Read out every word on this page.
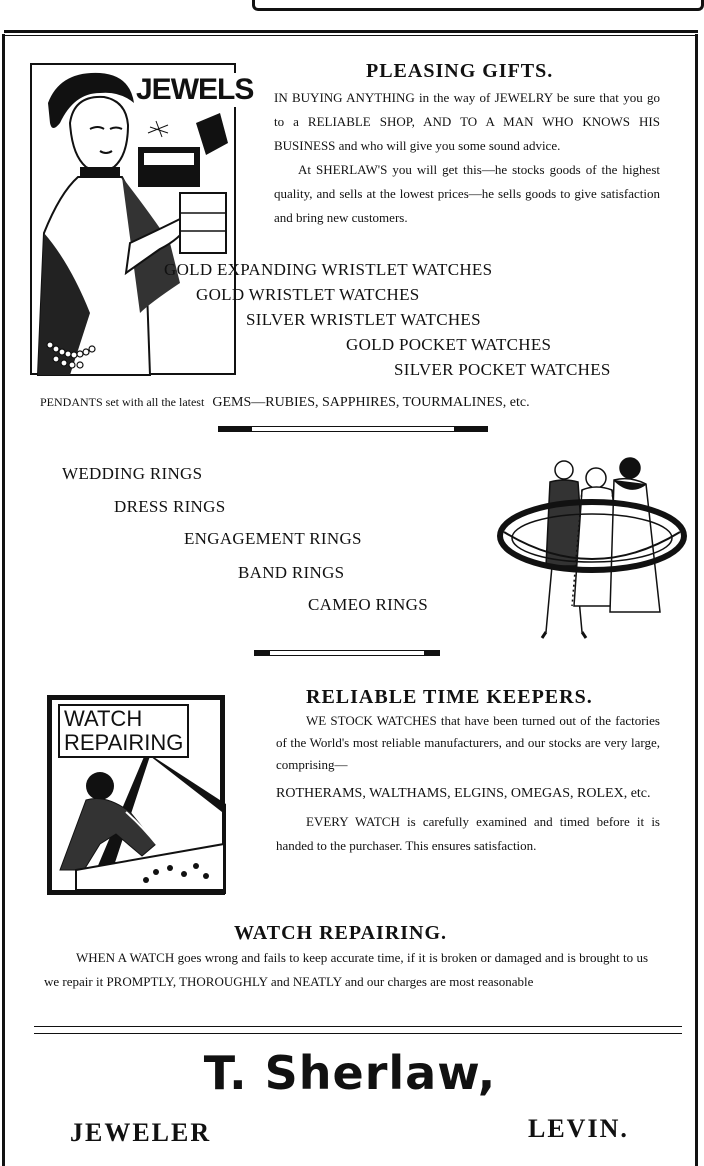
JEWELS
PLEASING GIFTS.

IN BUYING ANYTHING in the way of JEWELRY be sure that you go to a RELIABLE SHOP, AND TO A MAN WHO KNOWS HIS BUSINESS and who will give you some sound advice.

At SHERLAW'S you will get this—he stocks goods of the highest quality, and sells at the lowest prices—he sells goods to give satisfaction and bring new customers.

GOLD EXPANDING WRISTLET WATCHES
GOLD WRISTLET WATCHES
SILVER WRISTLET WATCHES
GOLD POCKET WATCHES
SILVER POCKET WATCHES
PENDANTS set with all the latest GEMS—RUBIES, SAPPHIRES, TOURMALINES, etc.
WEDDING RINGS
DRESS RINGS
ENGAGEMENT RINGS
BAND RINGS
CAMEO RINGS
WATCH
REPAIRING
RELIABLE TIME KEEPERS.

WE STOCK WATCHES that have been turned out of the factories of the World's most reliable manufacturers, and our stocks are very large, comprising—

ROTHERAMS, WALTHAMS, ELGINS, OMEGAS, ROLEX, etc.

EVERY WATCH is carefully examined and timed before it is handed to the purchaser. This ensures satisfaction.

WATCH REPAIRING.

WHEN A WATCH goes wrong and fails to keep accurate time, if it is broken or damaged and is brought to us we repair it PROMPTLY, THOROUGHLY and NEATLY and our charges are most reasonable

T. Sherlaw,
JEWELER	LEVIN.
